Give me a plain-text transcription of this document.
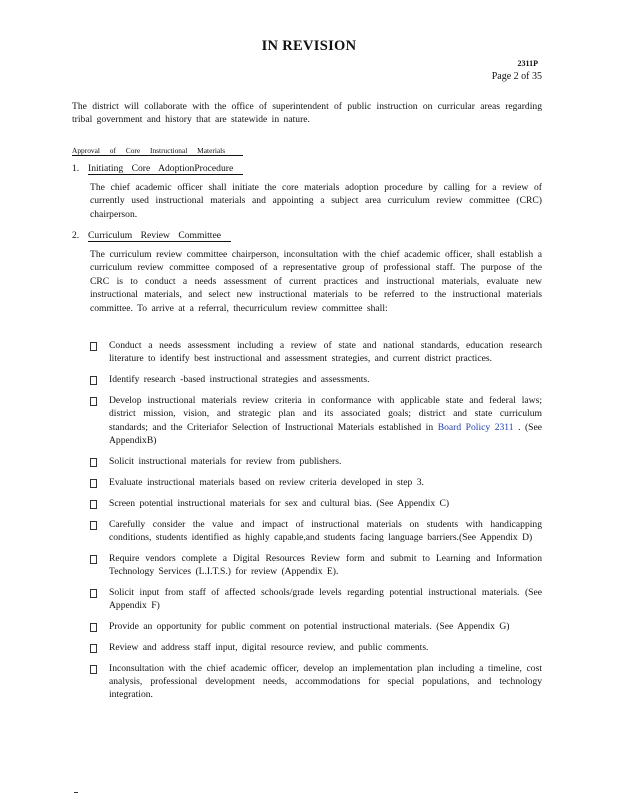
IN REVISION
2311P
Page 2 of 35
The district will collaborate with the office of superintendent of public instruction on curricular areas regarding tribal government and history that are statewide in nature.
Approval of Core Instructional Materials
1. Initiating Core AdoptionProcedure
The chief academic officer shall initiate the core materials adoption procedure by calling for a review of currently used instructional materials and appointing a subject area curriculum review committee (CRC) chairperson.
2. Curriculum Review Committee
The curriculum review committee chairperson, inconsultation with the chief academic officer, shall establish a curriculum review committee composed of a representative group of professional staff. The purpose of the CRC is to conduct a needs assessment of current practices and instructional materials, evaluate new instructional materials, and select new instructional materials to be referred to the instructional materials committee. To arrive at a referral, thecurriculum review committee shall:
Conduct a needs assessment including a review of state and national standards, education research literature to identify best instructional and assessment strategies, and current district practices.
Identify research -based instructional strategies and assessments.
Develop instructional materials review criteria in conformance with applicable state and federal laws; district mission, vision, and strategic plan and its associated goals; district and state curriculum standards; and the Criteriafor Selection of Instructional Materials established in Board Policy 2311 . (See AppendixB)
Solicit instructional materials for review from publishers.
Evaluate instructional materials based on review criteria developed in step 3.
Screen potential instructional materials for sex and cultural bias. (See Appendix C)
Carefully consider the value and impact of instructional materials on students with handicapping conditions, students identified as highly capable,and students facing language barriers.(See Appendix D)
Require vendors complete a Digital Resources Review form and submit to Learning and Information Technology Services (L.I.T.S.) for review (Appendix E).
Solicit input from staff of affected schools/grade levels regarding potential instructional materials. (See Appendix F)
Provide an opportunity for public comment on potential instructional materials. (See Appendix G)
Review and address staff input, digital resource review, and public comments.
Inconsultation with the chief academic officer, develop an implementation plan including a timeline, cost analysis, professional development needs, accommodations for special populations, and technology integration.
